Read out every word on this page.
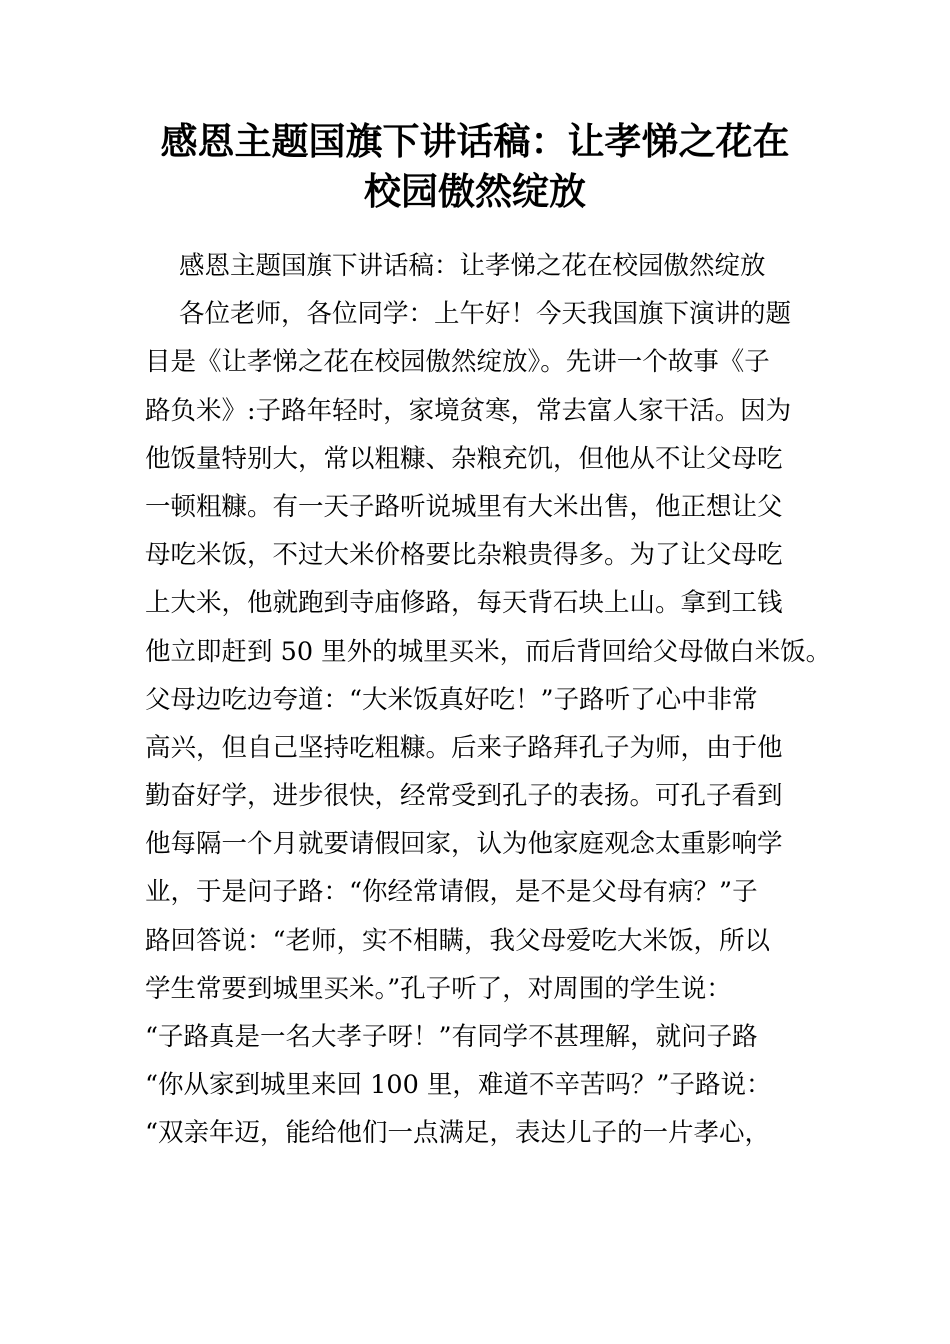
感恩主题国旗下讲话稿：让孝悌之花在
校园傲然绽放
感恩主题国旗下讲话稿：让孝悌之花在校园傲然绽放
各位老师，各位同学：上午好！今天我国旗下演讲的题
目是《让孝悌之花在校园傲然绽放》。先讲一个故事《子
路负米》:子路年轻时，家境贫寒，常去富人家干活。因为
他饭量特别大，常以粗糠、杂粮充饥，但他从不让父母吃
一顿粗糠。有一天子路听说城里有大米出售，他正想让父
母吃米饭，不过大米价格要比杂粮贵得多。为了让父母吃
上大米，他就跑到寺庙修路，每天背石块上山。拿到工钱
他立即赶到 50 里外的城里买米，而后背回给父母做白米饭。
父母边吃边夸道：“大米饭真好吃！”子路听了心中非常
高兴，但自己坚持吃粗糠。后来子路拜孔子为师，由于他
勤奋好学，进步很快，经常受到孔子的表扬。可孔子看到
他每隔一个月就要请假回家，认为他家庭观念太重影响学
业，于是问子路：“你经常请假，是不是父母有病？”子
路回答说：“老师，实不相瞒，我父母爱吃大米饭，所以
学生常要到城里买米。”孔子听了，对周围的学生说：
“子路真是一名大孝子呀！”有同学不甚理解，就问子路
“你从家到城里来回 100 里，难道不辛苦吗？”子路说：
“双亲年迈，能给他们一点满足，表达儿子的一片孝心，
